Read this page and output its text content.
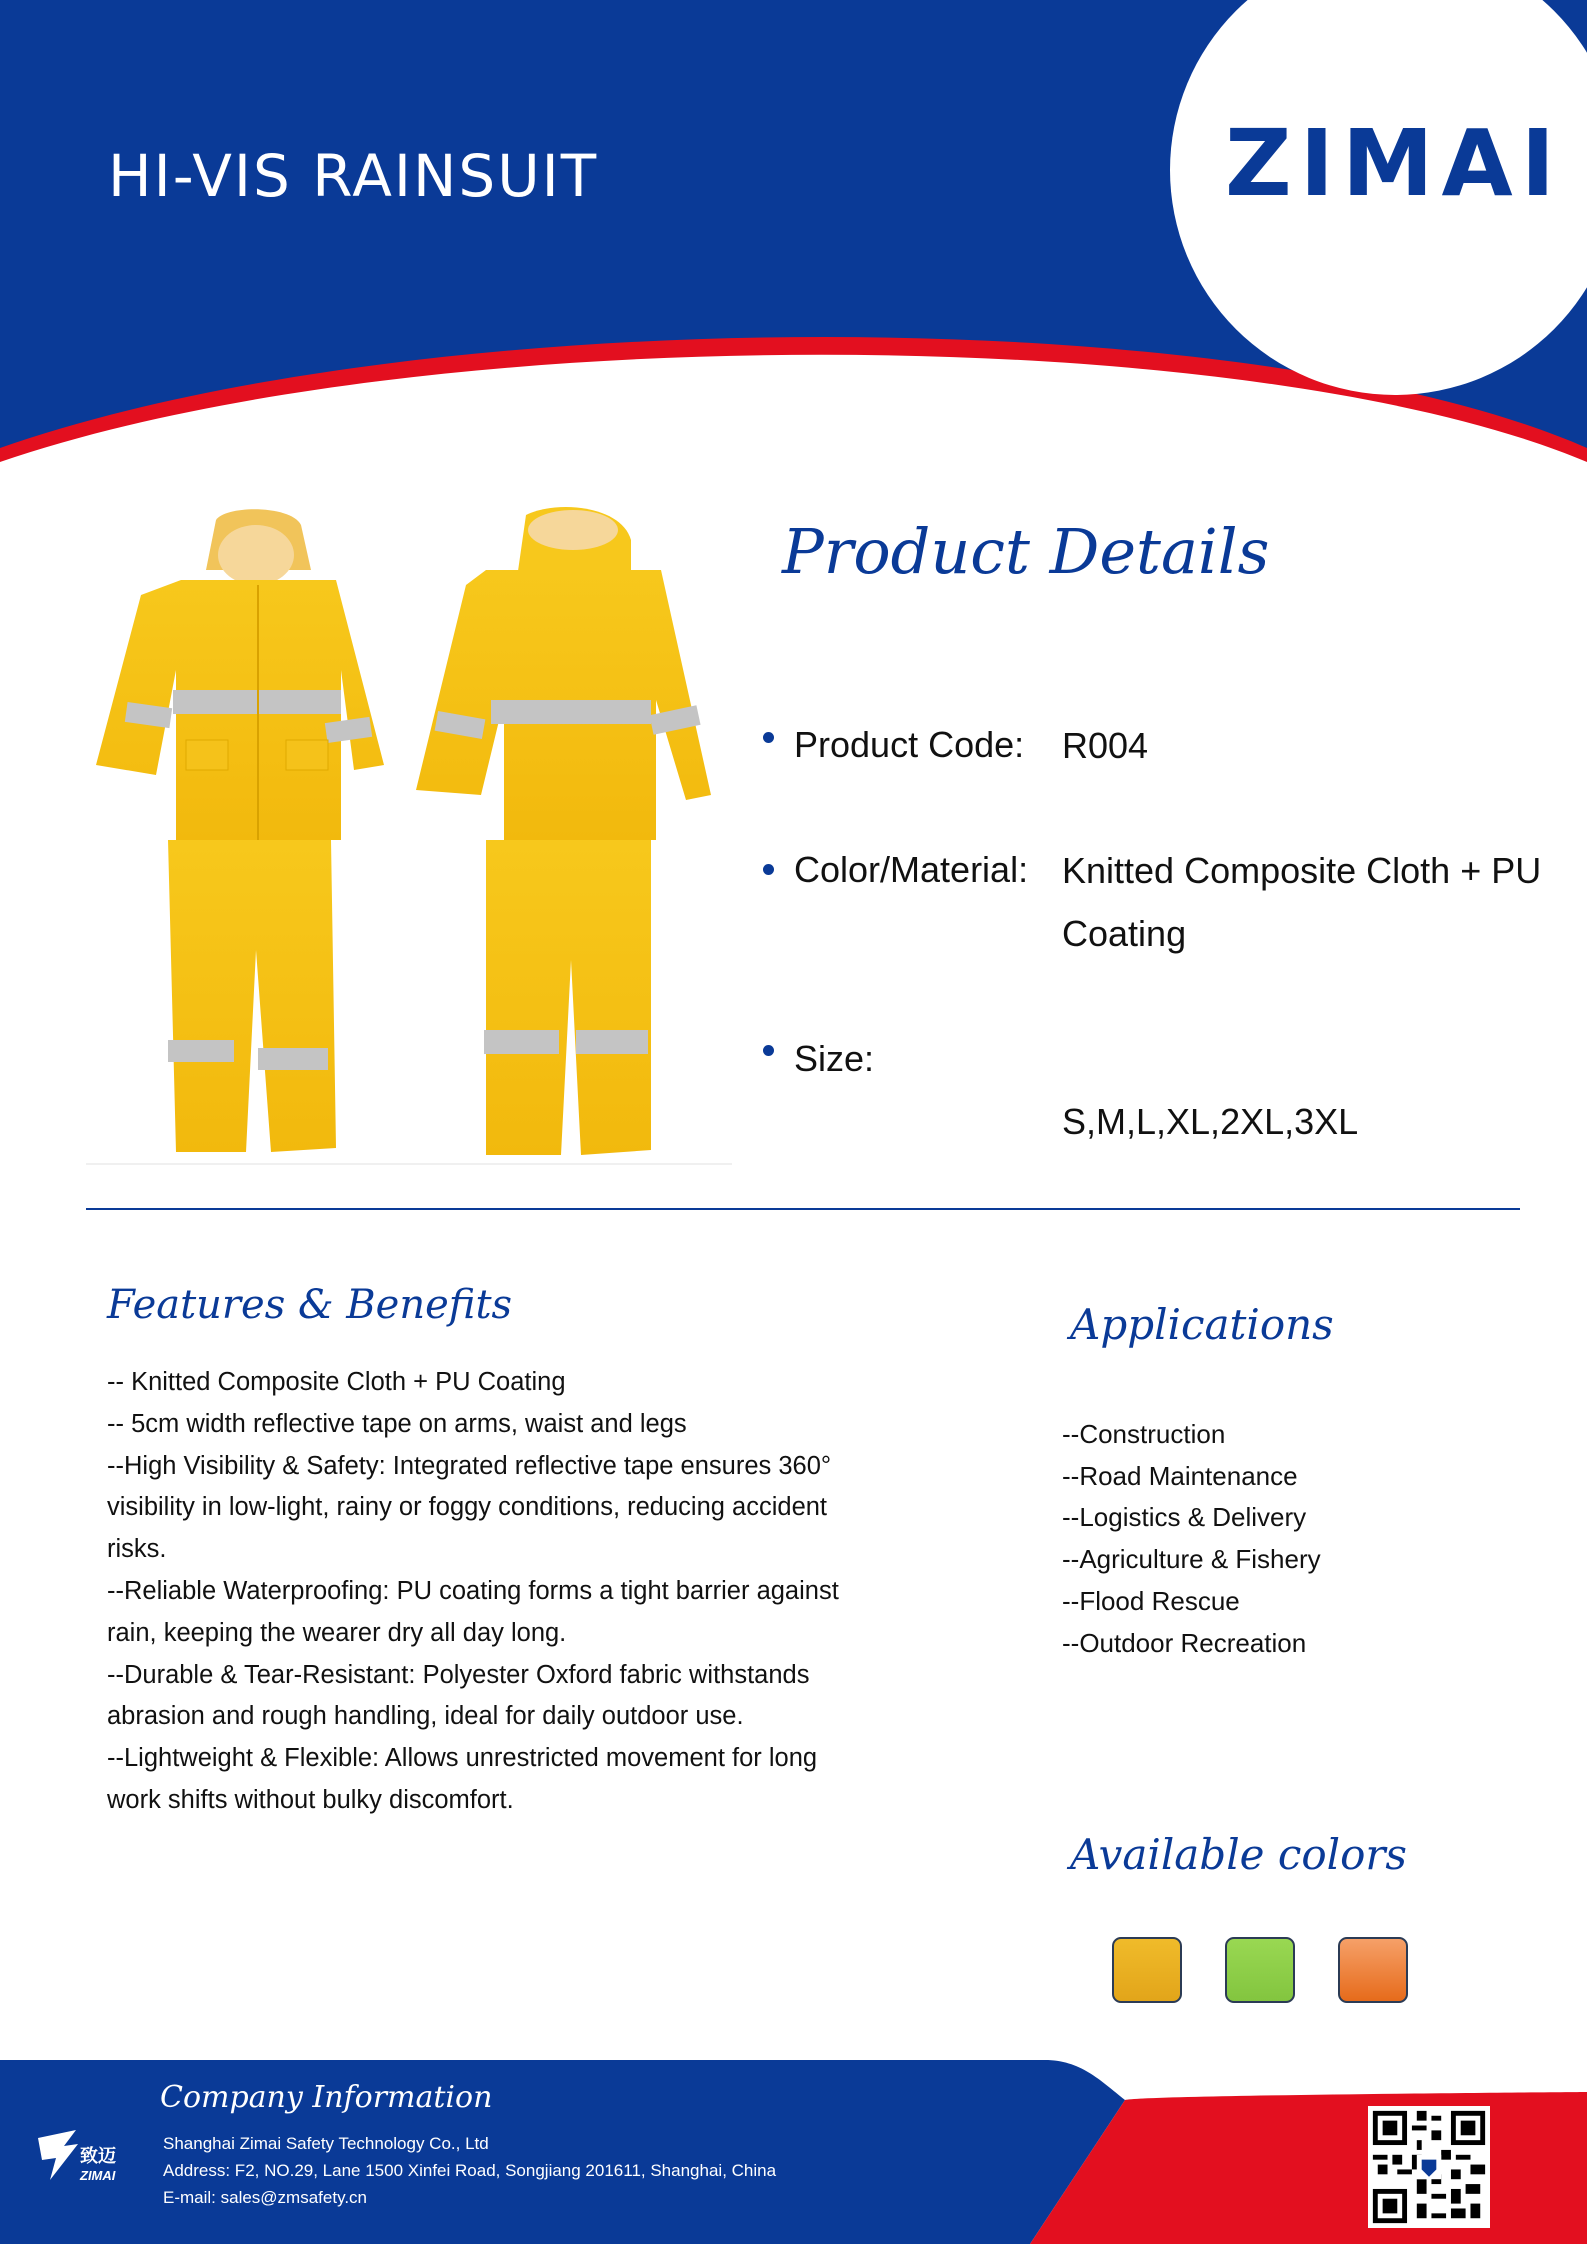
HI-VIS RAINSUIT	ZIMAI
Product Details
Product Code: R004
Color/Material: Knitted Composite Cloth + PU
Coating
Size:
S,M,L,XL,2XL,3XL
Features & Benefits
-- Knitted Composite Cloth + PU Coating
-- 5cm width reflective tape on arms, waist and legs
--High Visibility & Safety: Integrated reflective tape ensures 360°
visibility in low-light, rainy or foggy conditions, reducing accident
risks.
--Reliable Waterproofing: PU coating forms a tight barrier against
rain, keeping the wearer dry all day long.
--Durable & Tear-Resistant: Polyester Oxford fabric withstands
abrasion and rough handling, ideal for daily outdoor use.
--Lightweight & Flexible: Allows unrestricted movement for long
work shifts without bulky discomfort.
Applications
--Construction
--Road Maintenance
--Logistics & Delivery
--Agriculture & Fishery
--Flood Rescue
--Outdoor Recreation
Available colors
致迈
ZIMAI
Company Information
Shanghai Zimai Safety Technology Co., Ltd
Address: F2, NO.29, Lane 1500 Xinfei Road, Songjiang 201611, Shanghai, China
E-mail: sales@zmsafety.cn
